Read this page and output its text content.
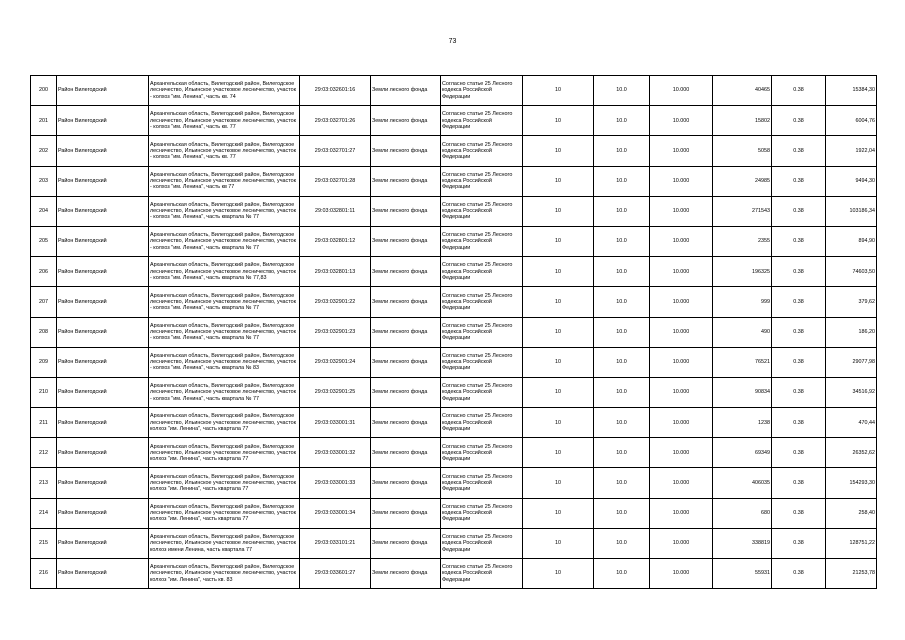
73
200	Район Вилегодский	Архангельская область, Вилегодский район, Вилегодское лесничество, Ильинское участковое лесничество, участок - колхоз "им. Ленина", часть кв. 74	29:03:032601:16	Земли лесного фонда	Согласно статье 25 Лесного кодекса Российской Федерации	10	10.0	10.000	40465	0.38	15384,30
201	Район Вилегодский	Архангельская область, Вилегодский район, Вилегодское лесничество, Ильинское участковое лесничество, участок - колхоз "им. Ленина", часть кв. 77	29:03:032701:26	Земли лесного фонда	Согласно статье 25 Лесного кодекса Российской Федерации	10	10.0	10.000	15802	0.38	6004,76
202	Район Вилегодский	Архангельская область, Вилегодский район, Вилегодское лесничество, Ильинское участковое лесничество, участок - колхоз "им. Ленина", часть кв. 77	29:03:032701:27	Земли лесного фонда	Согласно статье 25 Лесного кодекса Российской Федерации	10	10.0	10.000	5058	0.38	1922,04
203	Район Вилегодский	Архангельская область, Вилегодский район, Вилегодское лесничество, Ильинское участковое лесничество, участок - колхоз "им. Ленина", часть кв 77	29:03:032701:28	Земли лесного фонда	Согласно статье 25 Лесного кодекса Российской Федерации	10	10.0	10.000	24985	0.38	9494,30
204	Район Вилегодский	Архангельская область, Вилегодский район, Вилегодское лесничество, Ильинское участковое лесничество, участок - колхоз "им. Ленина", часть квартала № 77	29:03:032801:11	Земли лесного фонда	Согласно статье 25 Лесного кодекса Российской Федерации	10	10.0	10.000	271543	0.38	103186,34
205	Район Вилегодский	Архангельская область, Вилегодский район, Вилегодское лесничество, Ильинское участковое лесничество, участок - колхоз "им. Ленина", часть квартала № 77	29:03:032801:12	Земли лесного фонда	Согласно статье 25 Лесного кодекса Российской Федерации	10	10.0	10.000	2355	0.38	894,90
206	Район Вилегодский	Архангельская область, Вилегодский район, Вилегодское лесничество, Ильинское участковое лесничество, участок - колхоз "им. Ленина", часть квартала № 77,83	29:03:032801:13	Земли лесного фонда	Согласно статье 25 Лесного кодекса Российской Федерации	10	10.0	10.000	196325	0.38	74603,50
207	Район Вилегодский	Архангельская область, Вилегодский район, Вилегодское лесничество, Ильинское участковое лесничество, участок - колхоз "им. Ленина", часть квартала № 77	29:03:032901:22	Земли лесного фонда	Согласно статье 25 Лесного кодекса Российской Федерации	10	10.0	10.000	999	0.38	379,62
208	Район Вилегодский	Архангельская область, Вилегодский район, Вилегодское лесничество, Ильинское участковое лесничество, участок - колхоз "им. Ленина", часть квартала № 77	29:03:032901:23	Земли лесного фонда	Согласно статье 25 Лесного кодекса Российской Федерации	10	10.0	10.000	490	0.38	186,20
209	Район Вилегодский	Архангельская область, Вилегодский район, Вилегодское лесничество, Ильинское участковое лесничество, участок - колхоз "им. Ленина", часть квартала № 83	29:03:032901:24	Земли лесного фонда	Согласно статье 25 Лесного кодекса Российской Федерации	10	10.0	10.000	76521	0.38	29077,98
210	Район Вилегодский	Архангельская область, Вилегодский район, Вилегодское лесничество, Ильинское участковое лесничество, участок - колхоз "им. Ленина", часть квартала № 77	29:03:032901:25	Земли лесного фонда	Согласно статье 25 Лесного кодекса Российской Федерации	10	10.0	10.000	90834	0.38	34516,92
211	Район Вилегодский	Архангельская область, Вилегодский район, Вилегодское лесничество, Ильинское участковое лесничество, участок колхоз "им. Ленина", часть квартала 77	29:03:033001:31	Земли лесного фонда	Согласно статье 25 Лесного кодекса Российской Федерации	10	10.0	10.000	1238	0.38	470,44
212	Район Вилегодский	Архангельская область, Вилегодский район, Вилегодское лесничество, Ильинское участковое лесничество, участок колхоз "им. Ленина", часть квартала 77	29:03:033001:32	Земли лесного фонда	Согласно статье 25 Лесного кодекса Российской Федерации	10	10.0	10.000	69349	0.38	26352,62
213	Район Вилегодский	Архангельская область, Вилегодский район, Вилегодское лесничество, Ильинское участковое лесничество, участок колхоз "им. Ленина", часть квартала 77	29:03:033001:33	Земли лесного фонда	Согласно статье 25 Лесного кодекса Российской Федерации	10	10.0	10.000	406035	0.38	154293,30
214	Район Вилегодский	Архангельская область, Вилегодский район, Вилегодское лесничество, Ильинское участковое лесничество, участок колхоз "им. Ленина", часть квартала 77	29:03:033001:34	Земли лесного фонда	Согласно статье 25 Лесного кодекса Российской Федерации	10	10.0	10.000	680	0.38	258,40
215	Район Вилегодский	Архангельская область, Вилегодский район, Вилегодское лесничество, Ильинское участковое лесничество, участок колхоз имени Ленина, часть квартала 77	29:03:033101:21	Земли лесного фонда	Согласно статье 25 Лесного кодекса Российской Федерации	10	10.0	10.000	338819	0.38	128751,22
216	Район Вилегодский	Архангельская область, Вилегодский район, Вилегодское лесничество, Ильинское участковое лесничество, участок колхоз "им. Ленина", часть кв. 83	29:03:033601:27	Земли лесного фонда	Согласно статье 25 Лесного кодекса Российской Федерации	10	10.0	10.000	55931	0.38	21253,78
